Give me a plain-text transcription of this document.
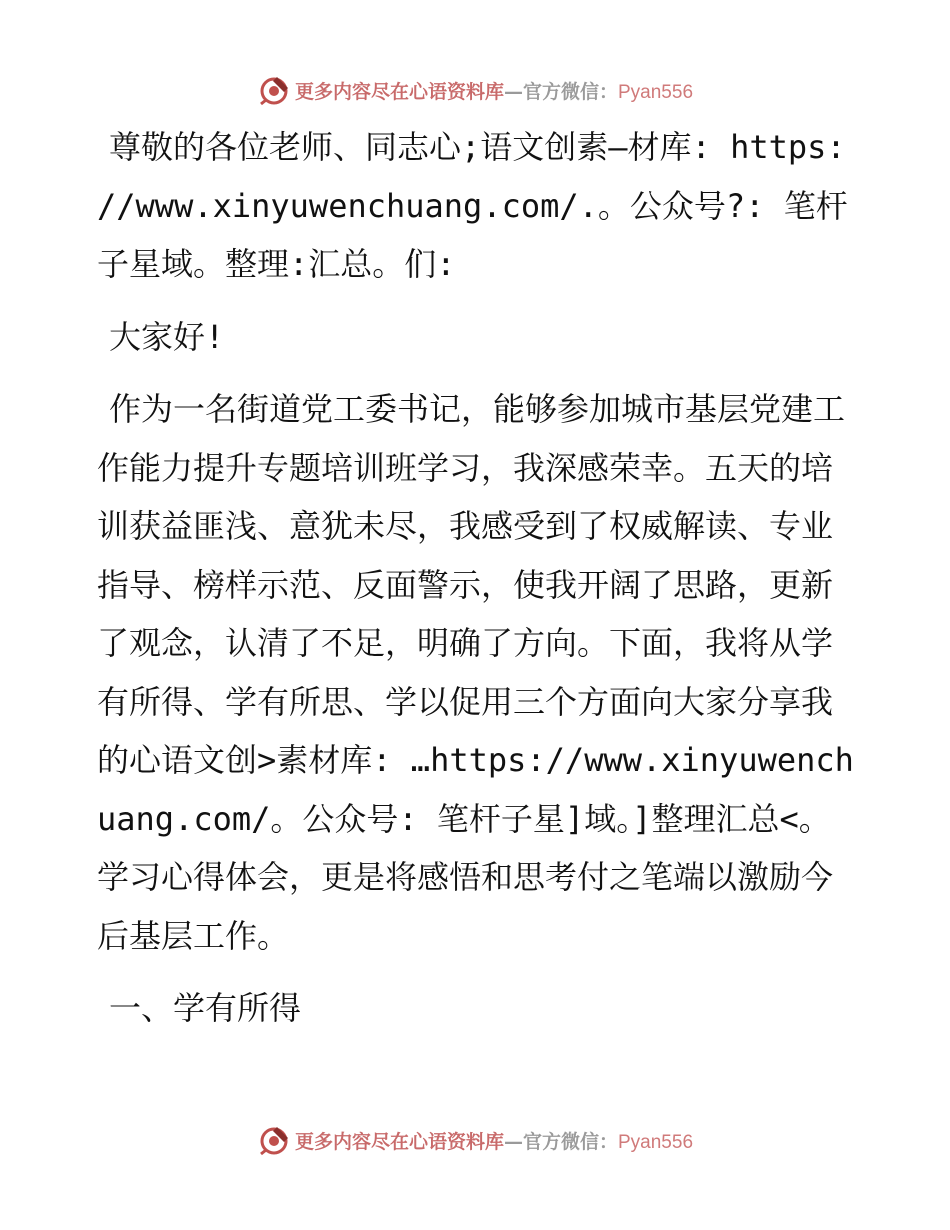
更多内容尽在心语资料库—官方微信：Pyan556

尊敬的各位老师、同志心;语文创素—材库: https://www.xinyuwenchuang.com/.。公众号?: 笔杆子星域。整理:汇总。们:

大家好!

作为一名街道党工委书记，能够参加城市基层党建工作能力提升专题培训班学习，我深感荣幸。五天的培训获益匪浅、意犹未尽，我感受到了权威解读、专业指导、榜样示范、反面警示，使我开阔了思路，更新了观念，认清了不足，明确了方向。下面，我将从学有所得、学有所思、学以促用三个方面向大家分享我的心语文创>素材库: …https://www.xinyuwenchuang.com/。公众号: 笔杆子星]域。]整理汇总<。学习心得体会，更是将感悟和思考付之笔端以激励今后基层工作。

一、学有所得

更多内容尽在心语资料库—官方微信：Pyan556
